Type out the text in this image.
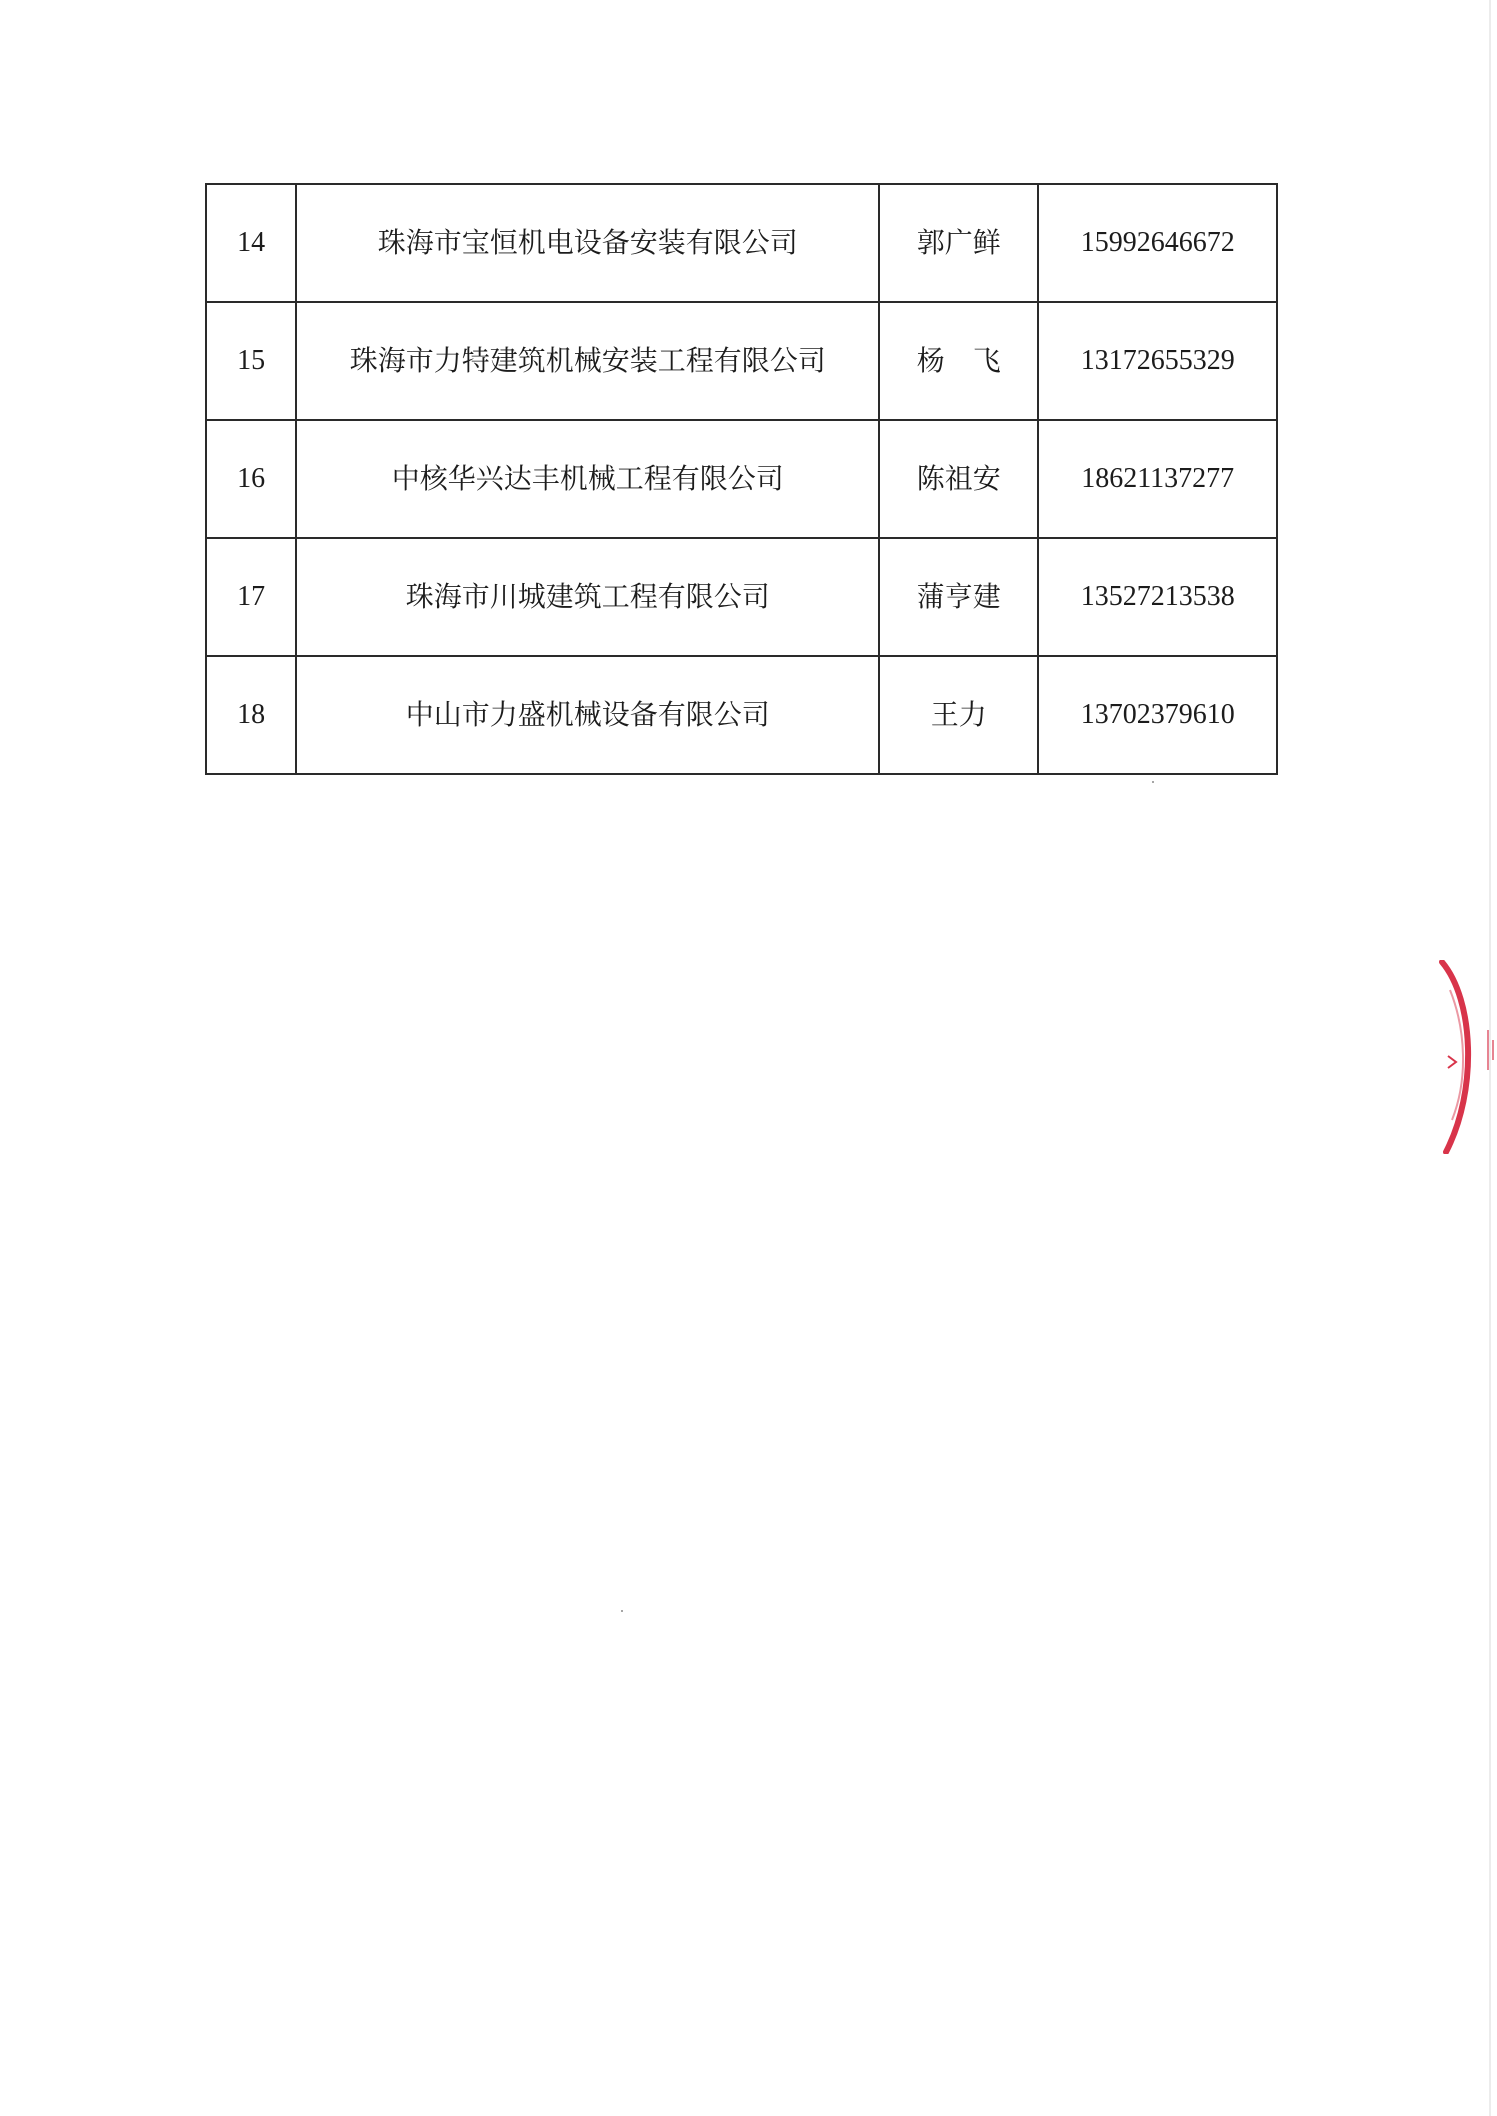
14	珠海市宝恒机电设备安装有限公司	郭广鲜	15992646672
15	珠海市力特建筑机械安装工程有限公司	杨　飞	13172655329
16	中核华兴达丰机械工程有限公司	陈祖安	18621137277
17	珠海市川城建筑工程有限公司	蒲亨建	13527213538
18	中山市力盛机械设备有限公司	王力	13702379610
